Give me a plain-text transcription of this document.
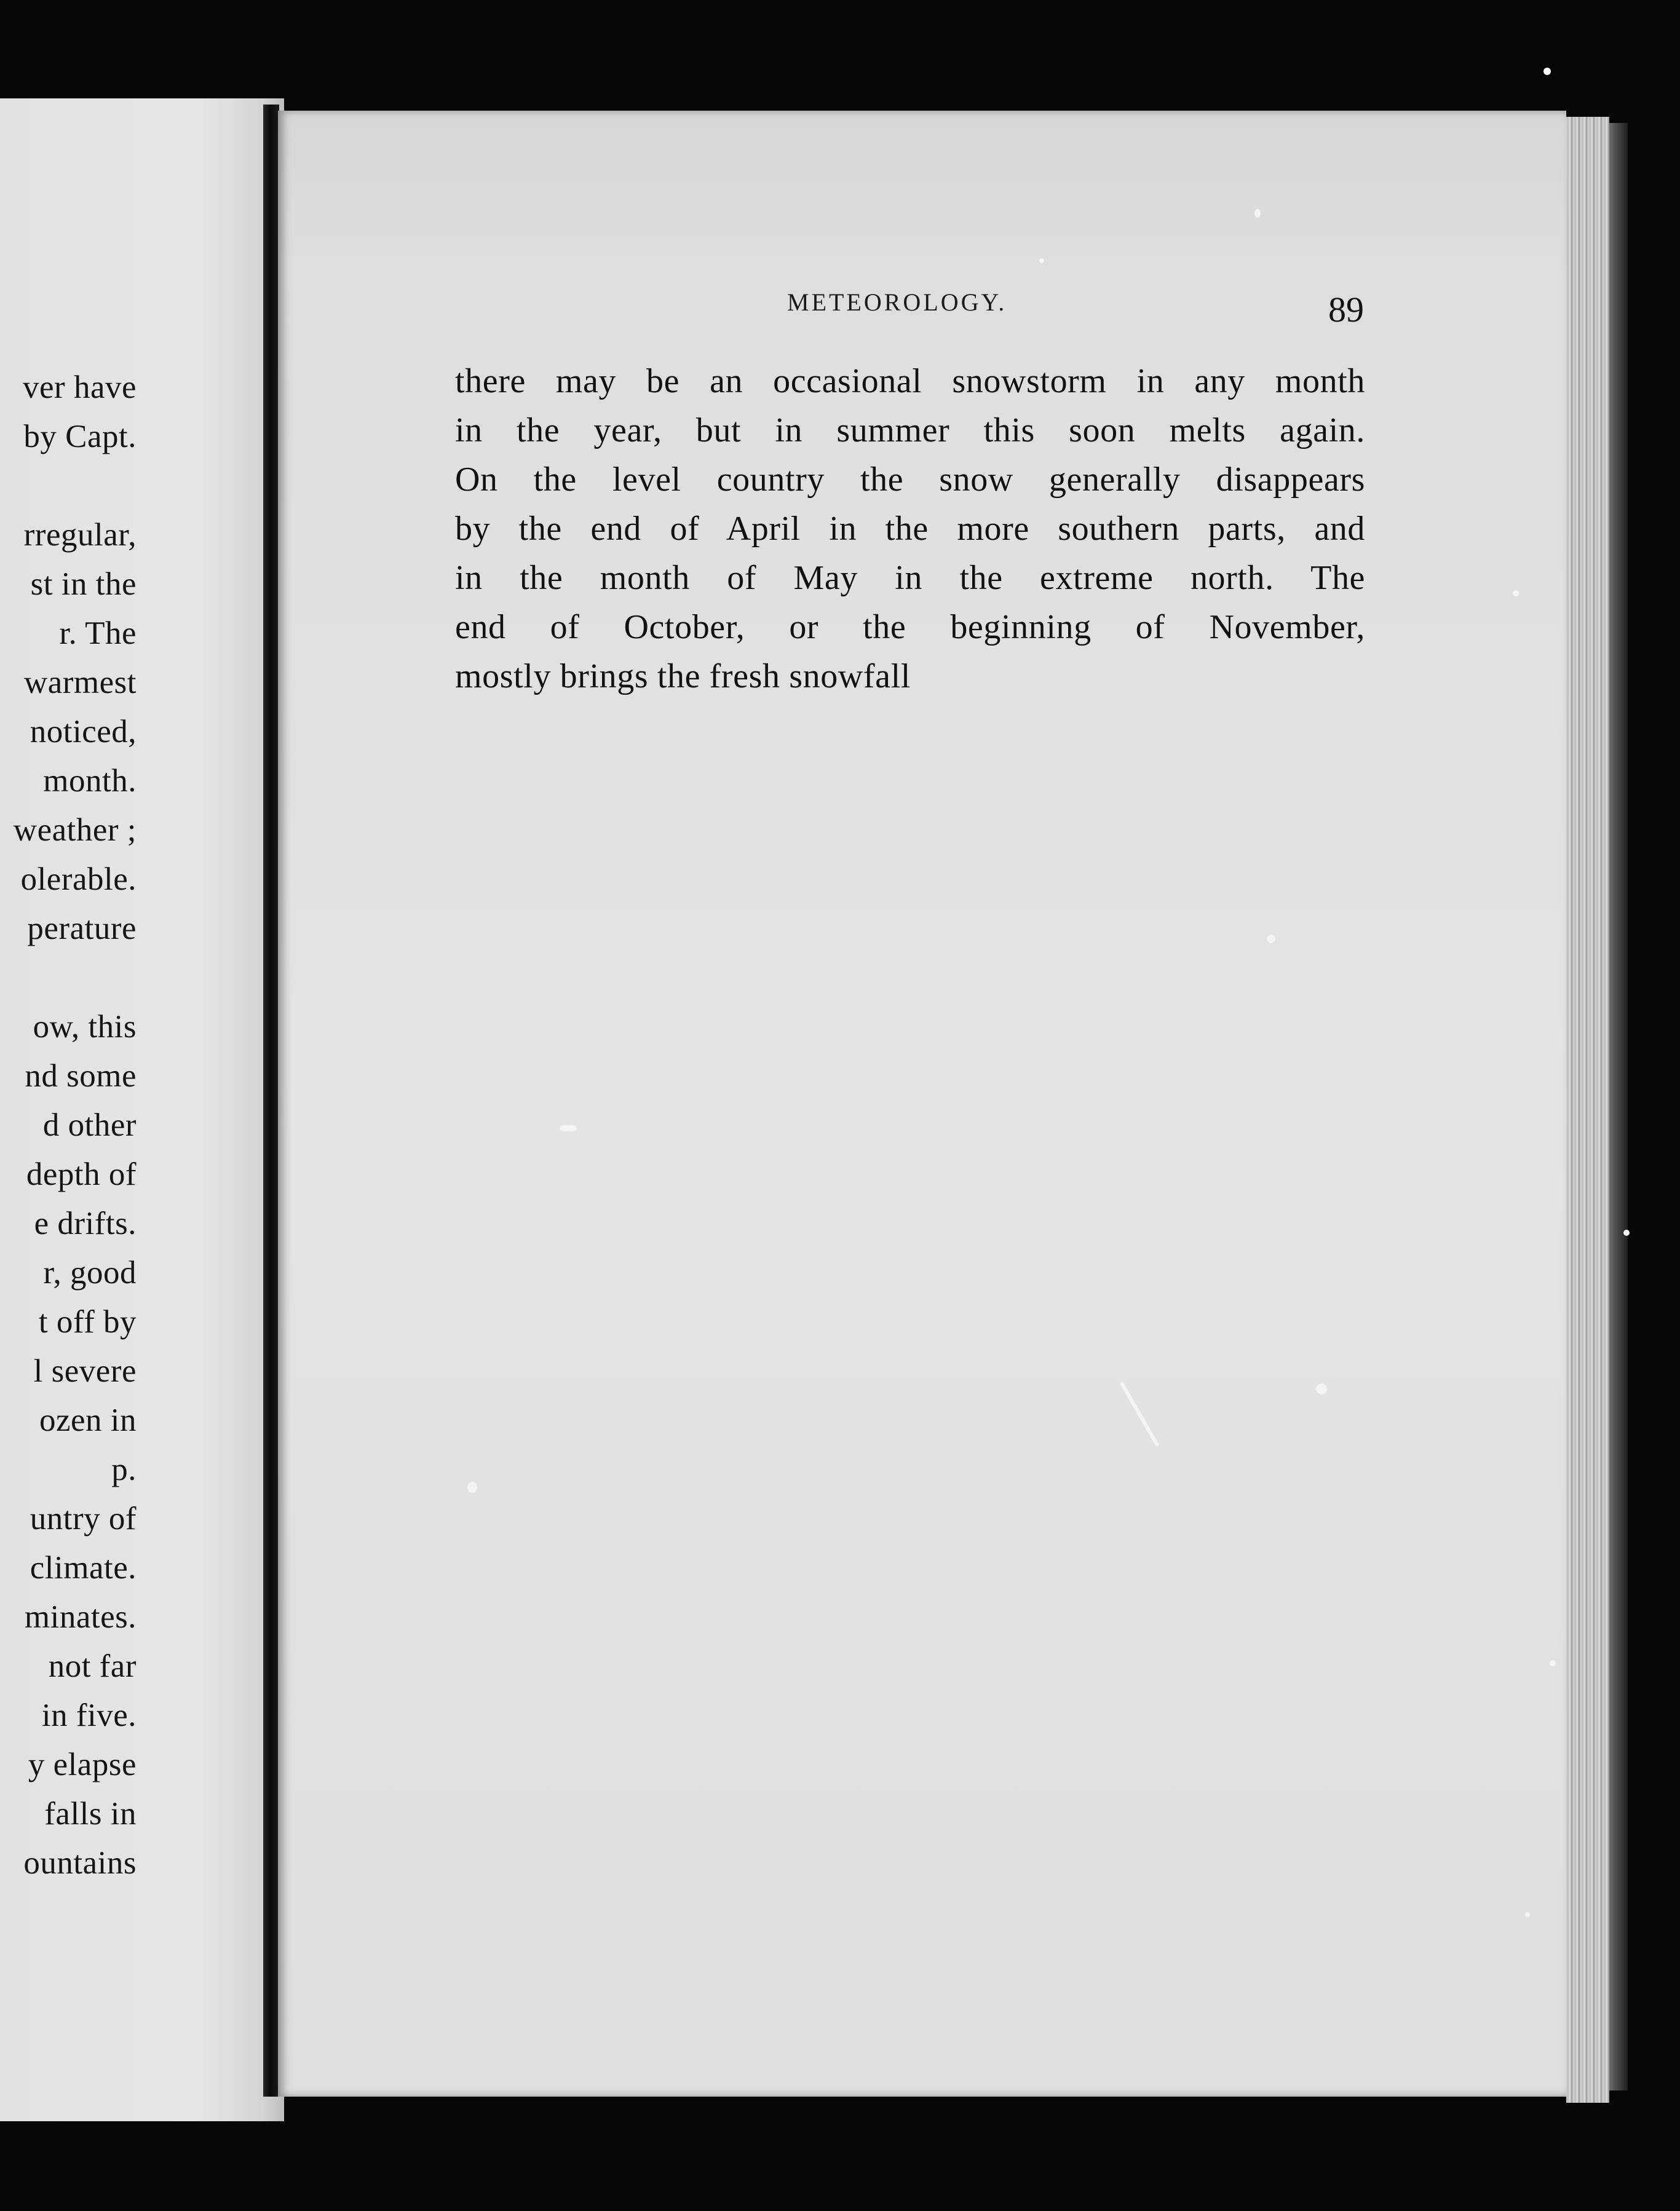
ver have
by Capt.

rregular,
st in the
r. The
warmest
noticed,
month.
weather ;
olerable.
perature

ow, this
nd some
d other
depth of
e drifts.
r, good
t off by
l severe
ozen in
p.
untry of
climate.
minates.
not far
in five.
y elapse
falls in
ountains
METEOROLOGY.	89
there may be an occasional snowstorm in any month
in the year, but in summer this soon melts again.
On the level country the snow generally disappears
by the end of April in the more southern parts, and
in the month of May in the extreme north. The
end of October, or the beginning of November,
mostly brings the fresh snowfall
